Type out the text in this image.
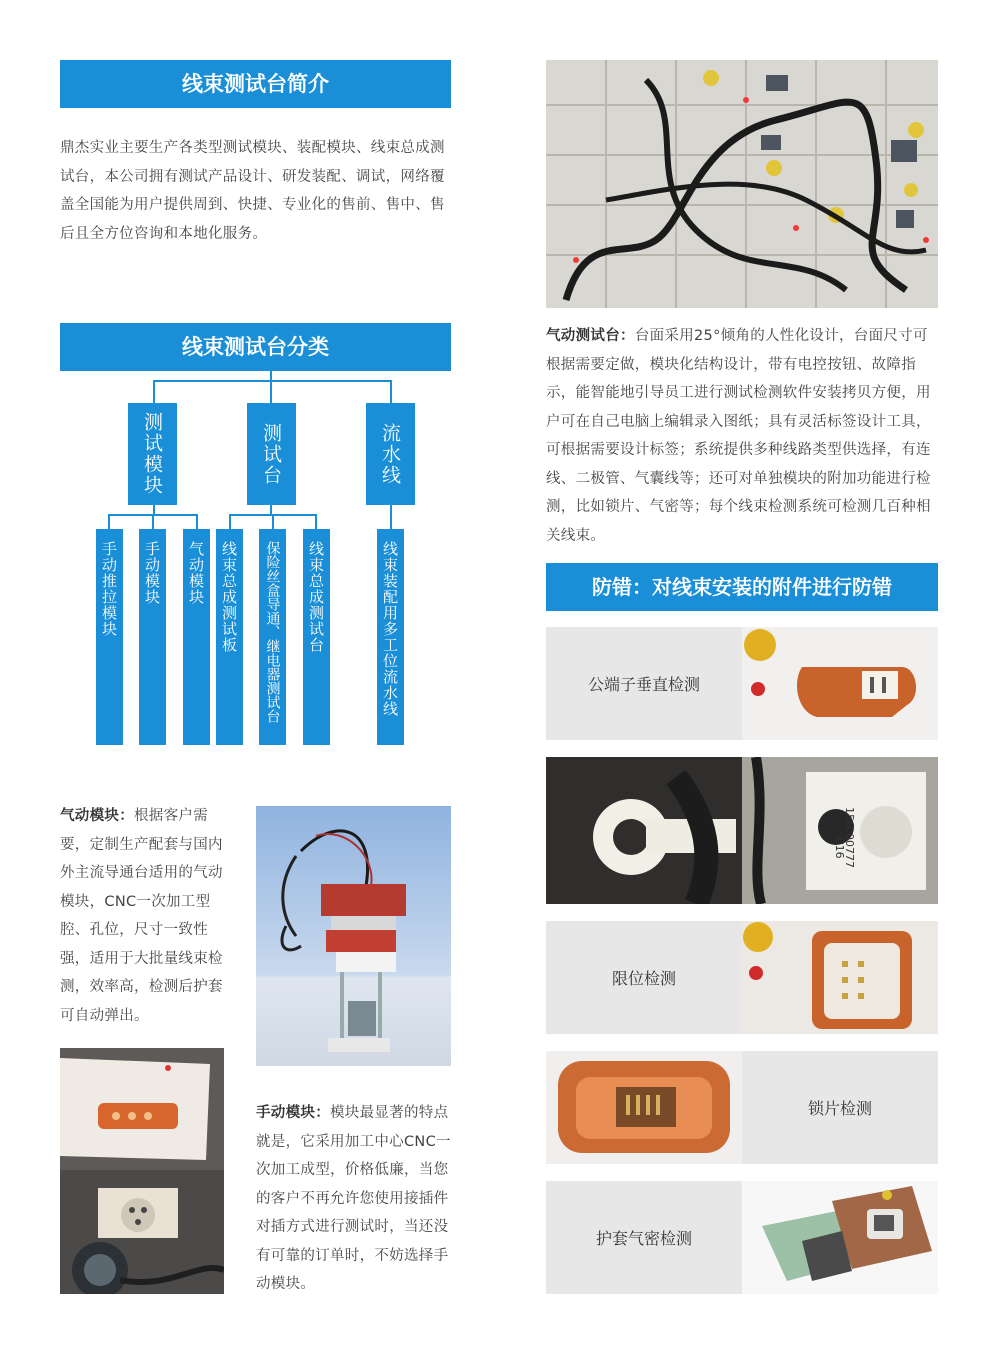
线束测试台简介
鼎杰实业主要生产各类型测试模块、装配模块、线束总成测试台，本公司拥有测试产品设计、研发装配、调试，网络覆盖全国能为用户提供周到、快捷、专业化的售前、售中、售后且全方位咨询和本地化服务。
线束测试台分类
测试模块	测试台	流水线
手动推拉模块 手动模块 气动模块 线束总成测试板 保险丝盒导通、继电器测试台 线束总成测试台	线束装配用多工位流水线
气动模块：根据客户需要，定制生产配套与国内外主流导通台适用的气动模块，CNC一次加工型腔、孔位，尺寸一致性强，适用于大批量线束检测，效率高，检测后护套可自动弹出。
手动模块：模块最显著的特点就是，它采用加工中心CNC一次加工成型，价格低廉，当您的客户不再允许您使用接插件对插方式进行测试时，当还没有可靠的订单时，不妨选择手动模块。
气动测试台：台面采用25°倾角的人性化设计，台面尺寸可根据需要定做，模块化结构设计，带有电控按钮、故障指示，能智能地引导员工进行测试检测软件安装拷贝方便，用户可在自己电脑上编辑录入图纸；具有灵活标签设计工具，可根据需要设计标签；系统提供多种线路类型供选择，有连线、二极管、气囊线等；还可对单独模块的附加功能进行检测，比如锁片、气密等；每个线束检测系统可检测几百种相关线束。
防错：对线束安装的附件进行防错
公端子垂直检测
15G 00777
C16
限位检测
锁片检测
护套气密检测
